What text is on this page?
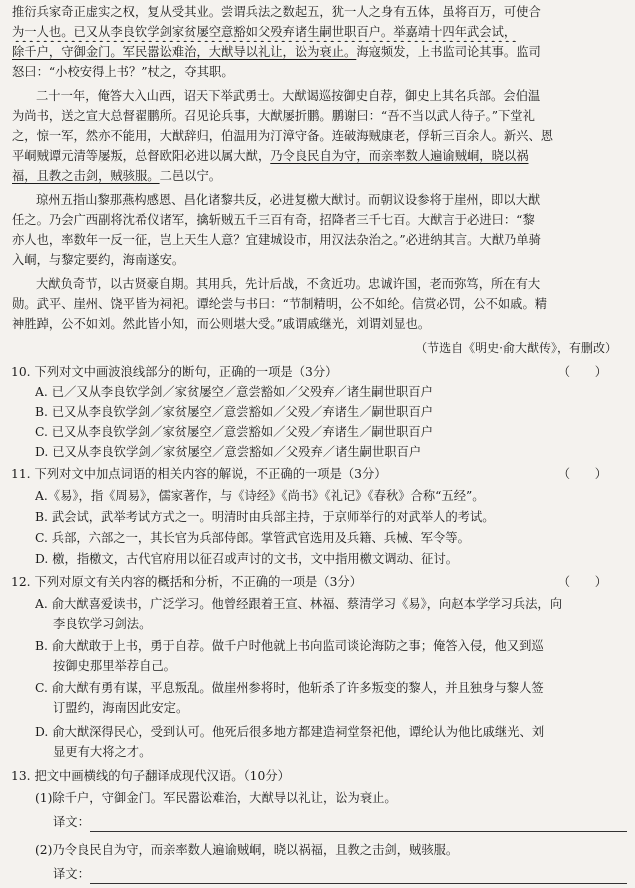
推衍兵家奇正虚实之权，复从受其业。尝谓兵法之数起五，犹一人之身有五体，虽将百万，可使合
为一人也。已又从李良钦学剑家贫屡空意豁如父殁弃诸生嗣世职百户。举嘉靖十四年武会试，
除千户，守御金门。军民嚣讼难治，大猷导以礼让，讼为衰止。海寇频发，上书监司论其事。监司
怒曰：“小校安得上书？”杖之，夺其职。
二十一年，俺答大入山西，诏天下举武勇士。大猷谒巡按御史自荐，御史上其名兵部。会伯温
为尚书，送之宣大总督翟鹏所。召见论兵事，大猷屡折鹏。鹏谢曰：“吾不当以武人待子。”下堂礼
之，惊一军，然亦不能用，大猷辞归，伯温用为汀漳守备。连破海贼康老，俘斩三百余人。新兴、恩
平峒贼谭元清等屡叛，总督欧阳必进以属大猷，乃令良民自为守，而亲率数人遍谕贼峒，晓以祸
福，且教之击剑，贼骇服。二邑以宁。
琼州五指山黎那燕构感恩、昌化诸黎共反，必进复檄大猷讨。而朝议设参将于崖州，即以大猷
任之。乃会广西副将沈希仪诸军，擒斩贼五千三百有奇，招降者三千七百。大猷言于必进曰：“黎
亦人也，率数年一反一征，岂上天生人意？宜建城设市，用汉法杂治之。”必进纳其言。大猷乃单骑
入峒，与黎定要约，海南遂安。
大猷负奇节，以古贤豪自期。其用兵，先计后战，不贪近功。忠诚许国，老而弥笃，所在有大
勋。武平、崖州、饶平皆为祠祀。谭纶尝与书曰：“节制精明，公不如纶。信赏必罚，公不如戚。精
神胜踔，公不如刘。然此皆小知，而公则堪大受。”戚谓戚继光，刘谓刘显也。
（节选自《明史·俞大猷传》，有删改）
10. 下列对文中画波浪线部分的断句，正确的一项是（3分）	（　　）
A. 已／又从李良钦学剑／家贫屡空／意尝豁如／父殁弃／诸生嗣世职百户
B. 已又从李良钦学剑／家贫屡空／意尝豁如／父殁／弃诸生／嗣世职百户
C. 已又从李良钦学剑／家贫屡空／意尝豁如／父殁／弃诸生／嗣世职百户
D. 已又从李良钦学剑／家贫屡空／意尝豁如／父殁弃／诸生嗣世职百户
11. 下列对文中加点词语的相关内容的解说，不正确的一项是（3分）	（　　）
A.《易》，指《周易》，儒家著作，与《诗经》《尚书》《礼记》《春秋》合称“五经”。
B. 武会试，武举考试方式之一。明清时由兵部主持，于京师举行的对武举人的考试。
C. 兵部，六部之一，其长官为兵部侍郎。掌管武官选用及兵籍、兵械、军令等。
D. 檄，指檄文，古代官府用以征召或声讨的文书，文中指用檄文调动、征讨。
12. 下列对原文有关内容的概括和分析，不正确的一项是（3分）	（　　）
A. 俞大猷喜爱读书，广泛学习。他曾经跟着王宣、林福、蔡清学习《易》，向赵本学学习兵法，向
李良钦学习剑法。
B. 俞大猷敢于上书，勇于自荐。做千户时他就上书向监司谈论海防之事；俺答入侵，他又到巡
按御史那里举荐自己。
C. 俞大猷有勇有谋，平息叛乱。做崖州参将时，他斩杀了许多叛变的黎人，并且独身与黎人签
订盟约，海南因此安定。
D. 俞大猷深得民心，受到认可。他死后很多地方都建造祠堂祭祀他，谭纶认为他比戚继光、刘
显更有大将之才。
13. 把文中画横线的句子翻译成现代汉语。（10分）
(1)除千户，守御金门。军民嚣讼难治，大猷导以礼让，讼为衰止。
译文：
(2)乃令良民自为守，而亲率数人遍谕贼峒，晓以祸福，且教之击剑，贼骇服。
译文：
